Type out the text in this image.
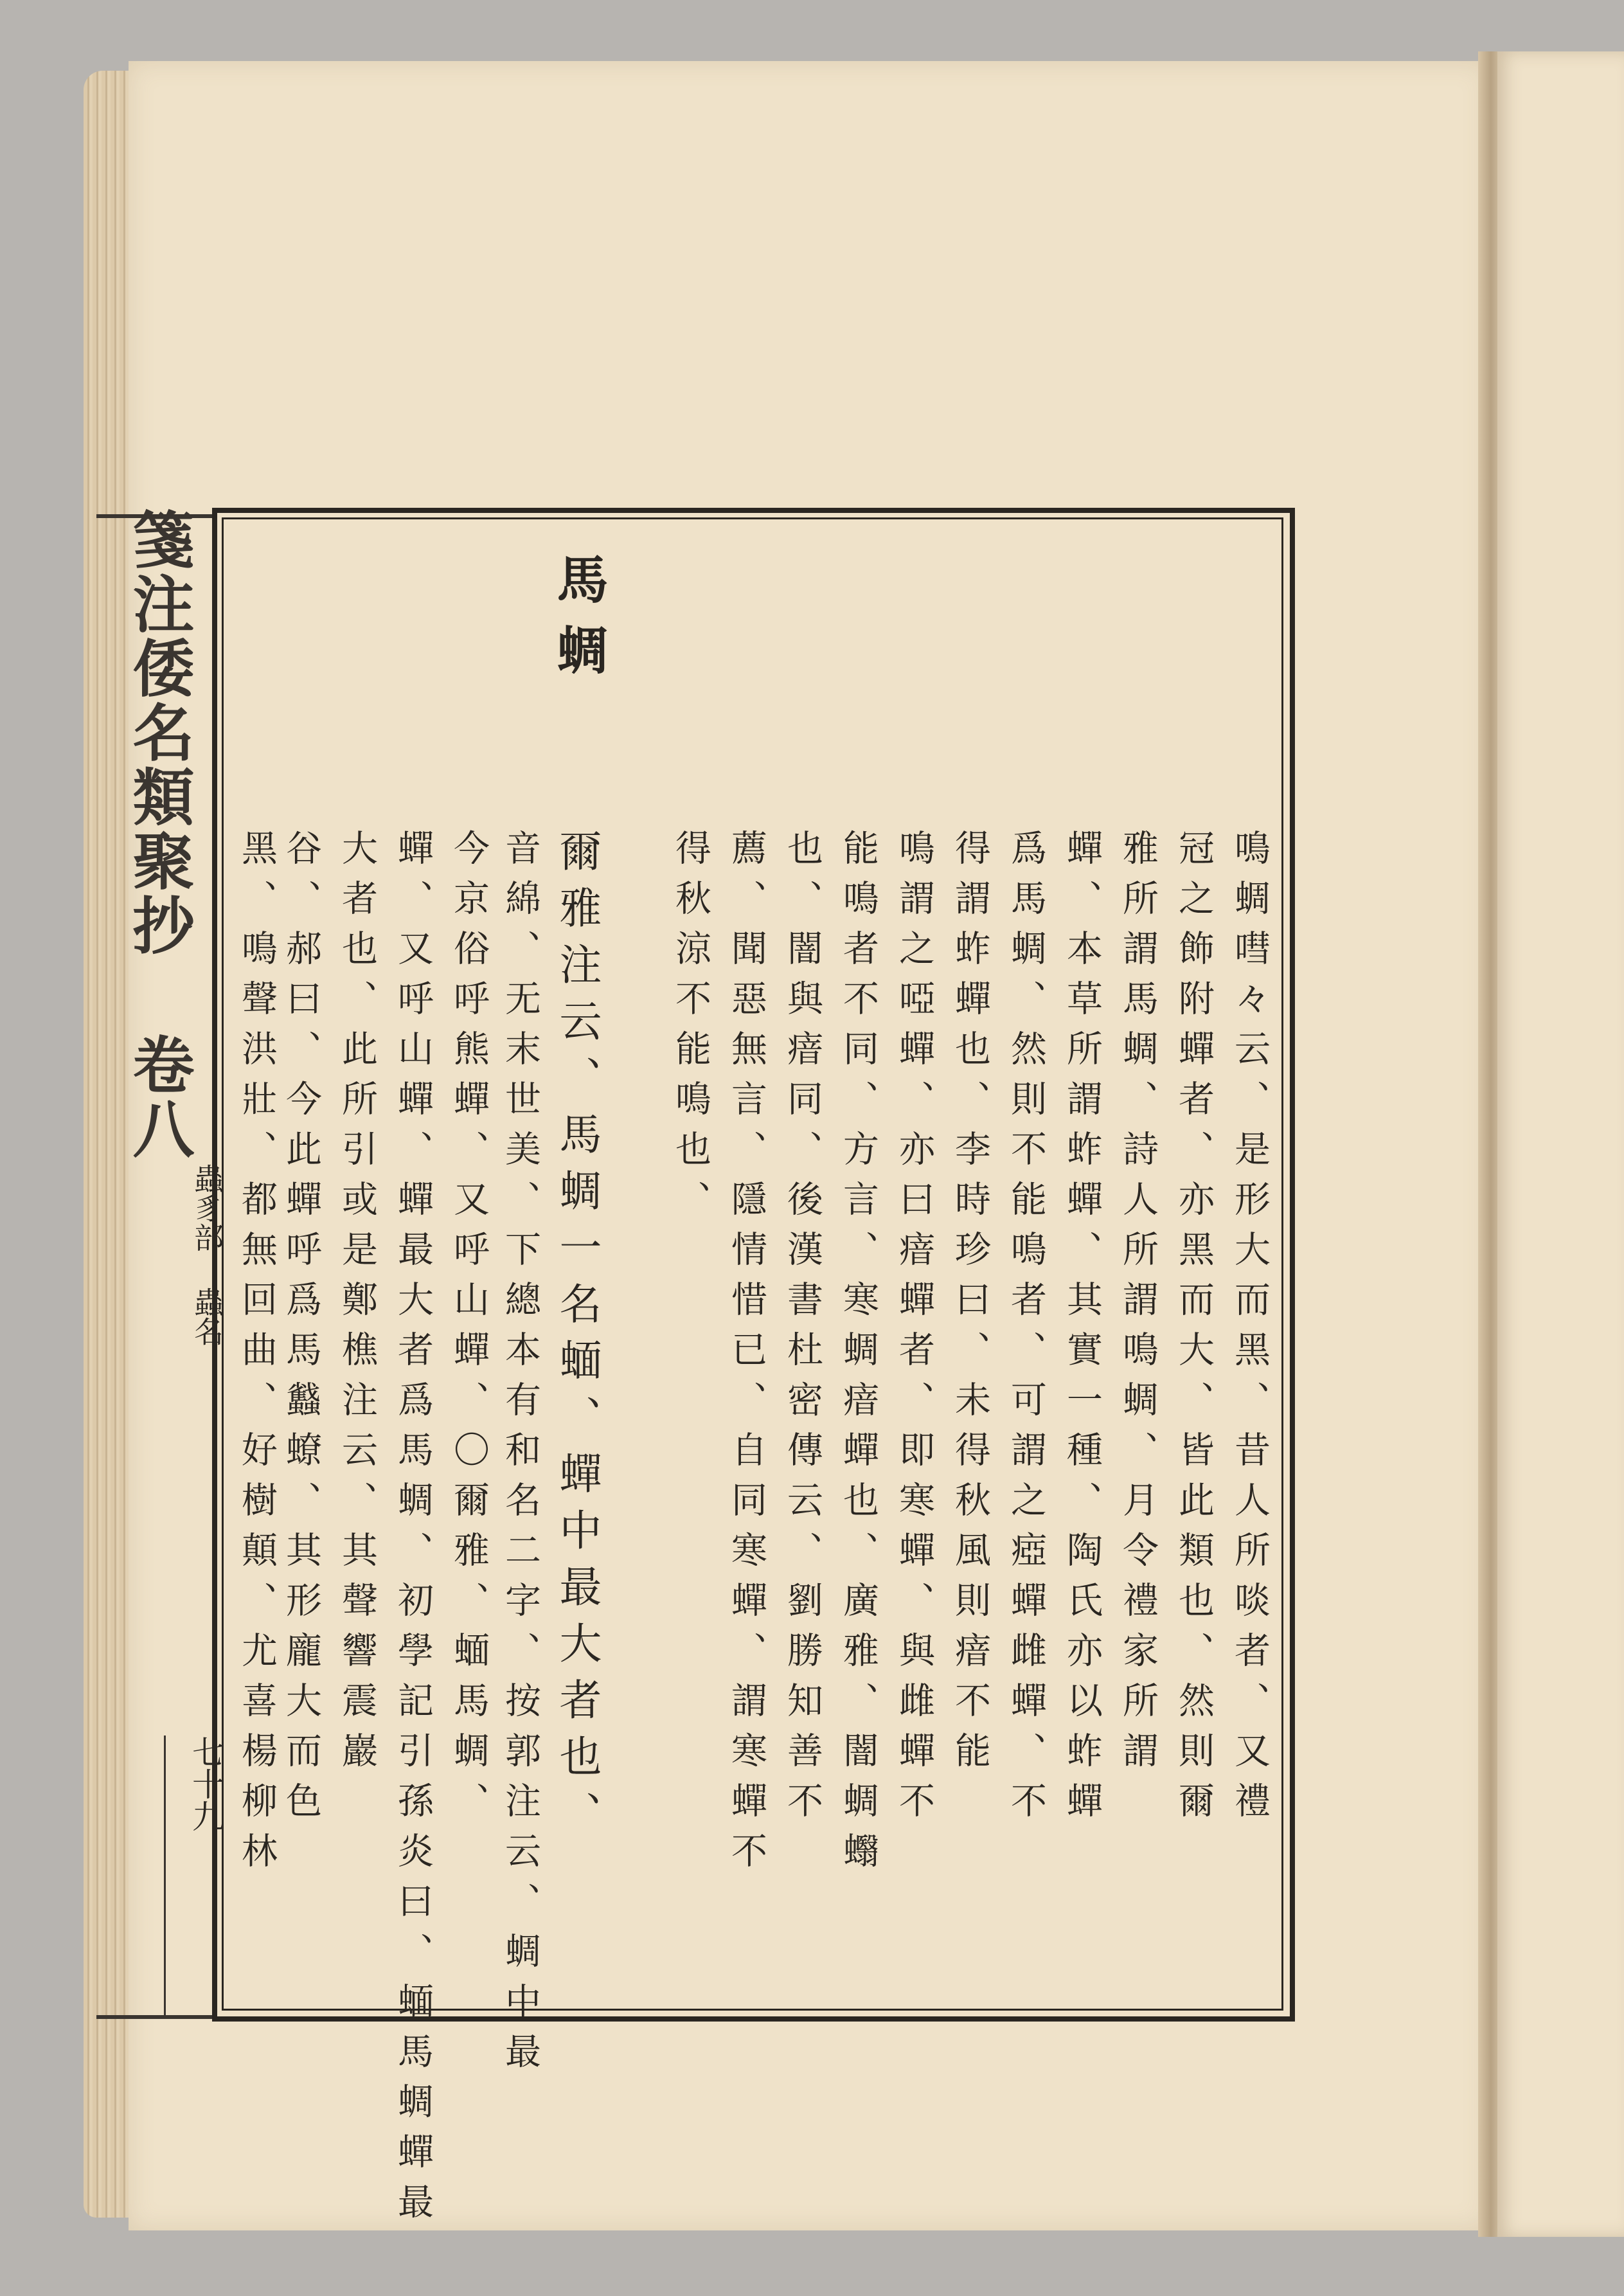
箋注倭名類聚抄 卷八
蟲豸部 蟲名
七十九
馬蜩
鳴蜩嘒々云、是形大而黑、昔人所啖者、又禮
冠之飾附蟬者、亦黑而大、皆此類也、然則爾
雅所謂馬蜩、詩人所謂鳴蜩、月令禮家所謂
蟬、本草所謂蚱蟬、其實一種、陶氏亦以蚱蟬
爲馬蜩、然則不能鳴者、可謂之瘂蟬雌蟬、不
得謂蚱蟬也、李時珍曰、未得秋風則瘖不能
鳴謂之啞蟬、亦曰瘖蟬者、即寒蟬、與雌蟬不
能鳴者不同、方言、寒蜩瘖蟬也、廣雅、闇蜩蠮
也、闇與瘖同、後漢書杜密傳云、劉勝知善不
薦、聞惡無言、隱情惜已、自同寒蟬、謂寒蟬不
得秋涼不能鳴也、
爾雅注云、馬蜩一名蝒、蟬中最大者也、
音綿、无末世美、下總本有和名二字、按郭注云、蜩中最
今京俗呼熊蟬、又呼山蟬、〇爾雅、蝒馬蜩、
蟬、又呼山蟬、蟬最大者爲馬蜩、初學記引孫炎曰、蝒馬蜩蟬最
大者也、此所引或是鄭樵注云、其聲響震巖
谷、郝曰、今此蟬呼爲馬蠽蟟、其形龐大而色
黑、鳴聲洪壯、都無回曲、好樹顛、尤喜楊柳林
